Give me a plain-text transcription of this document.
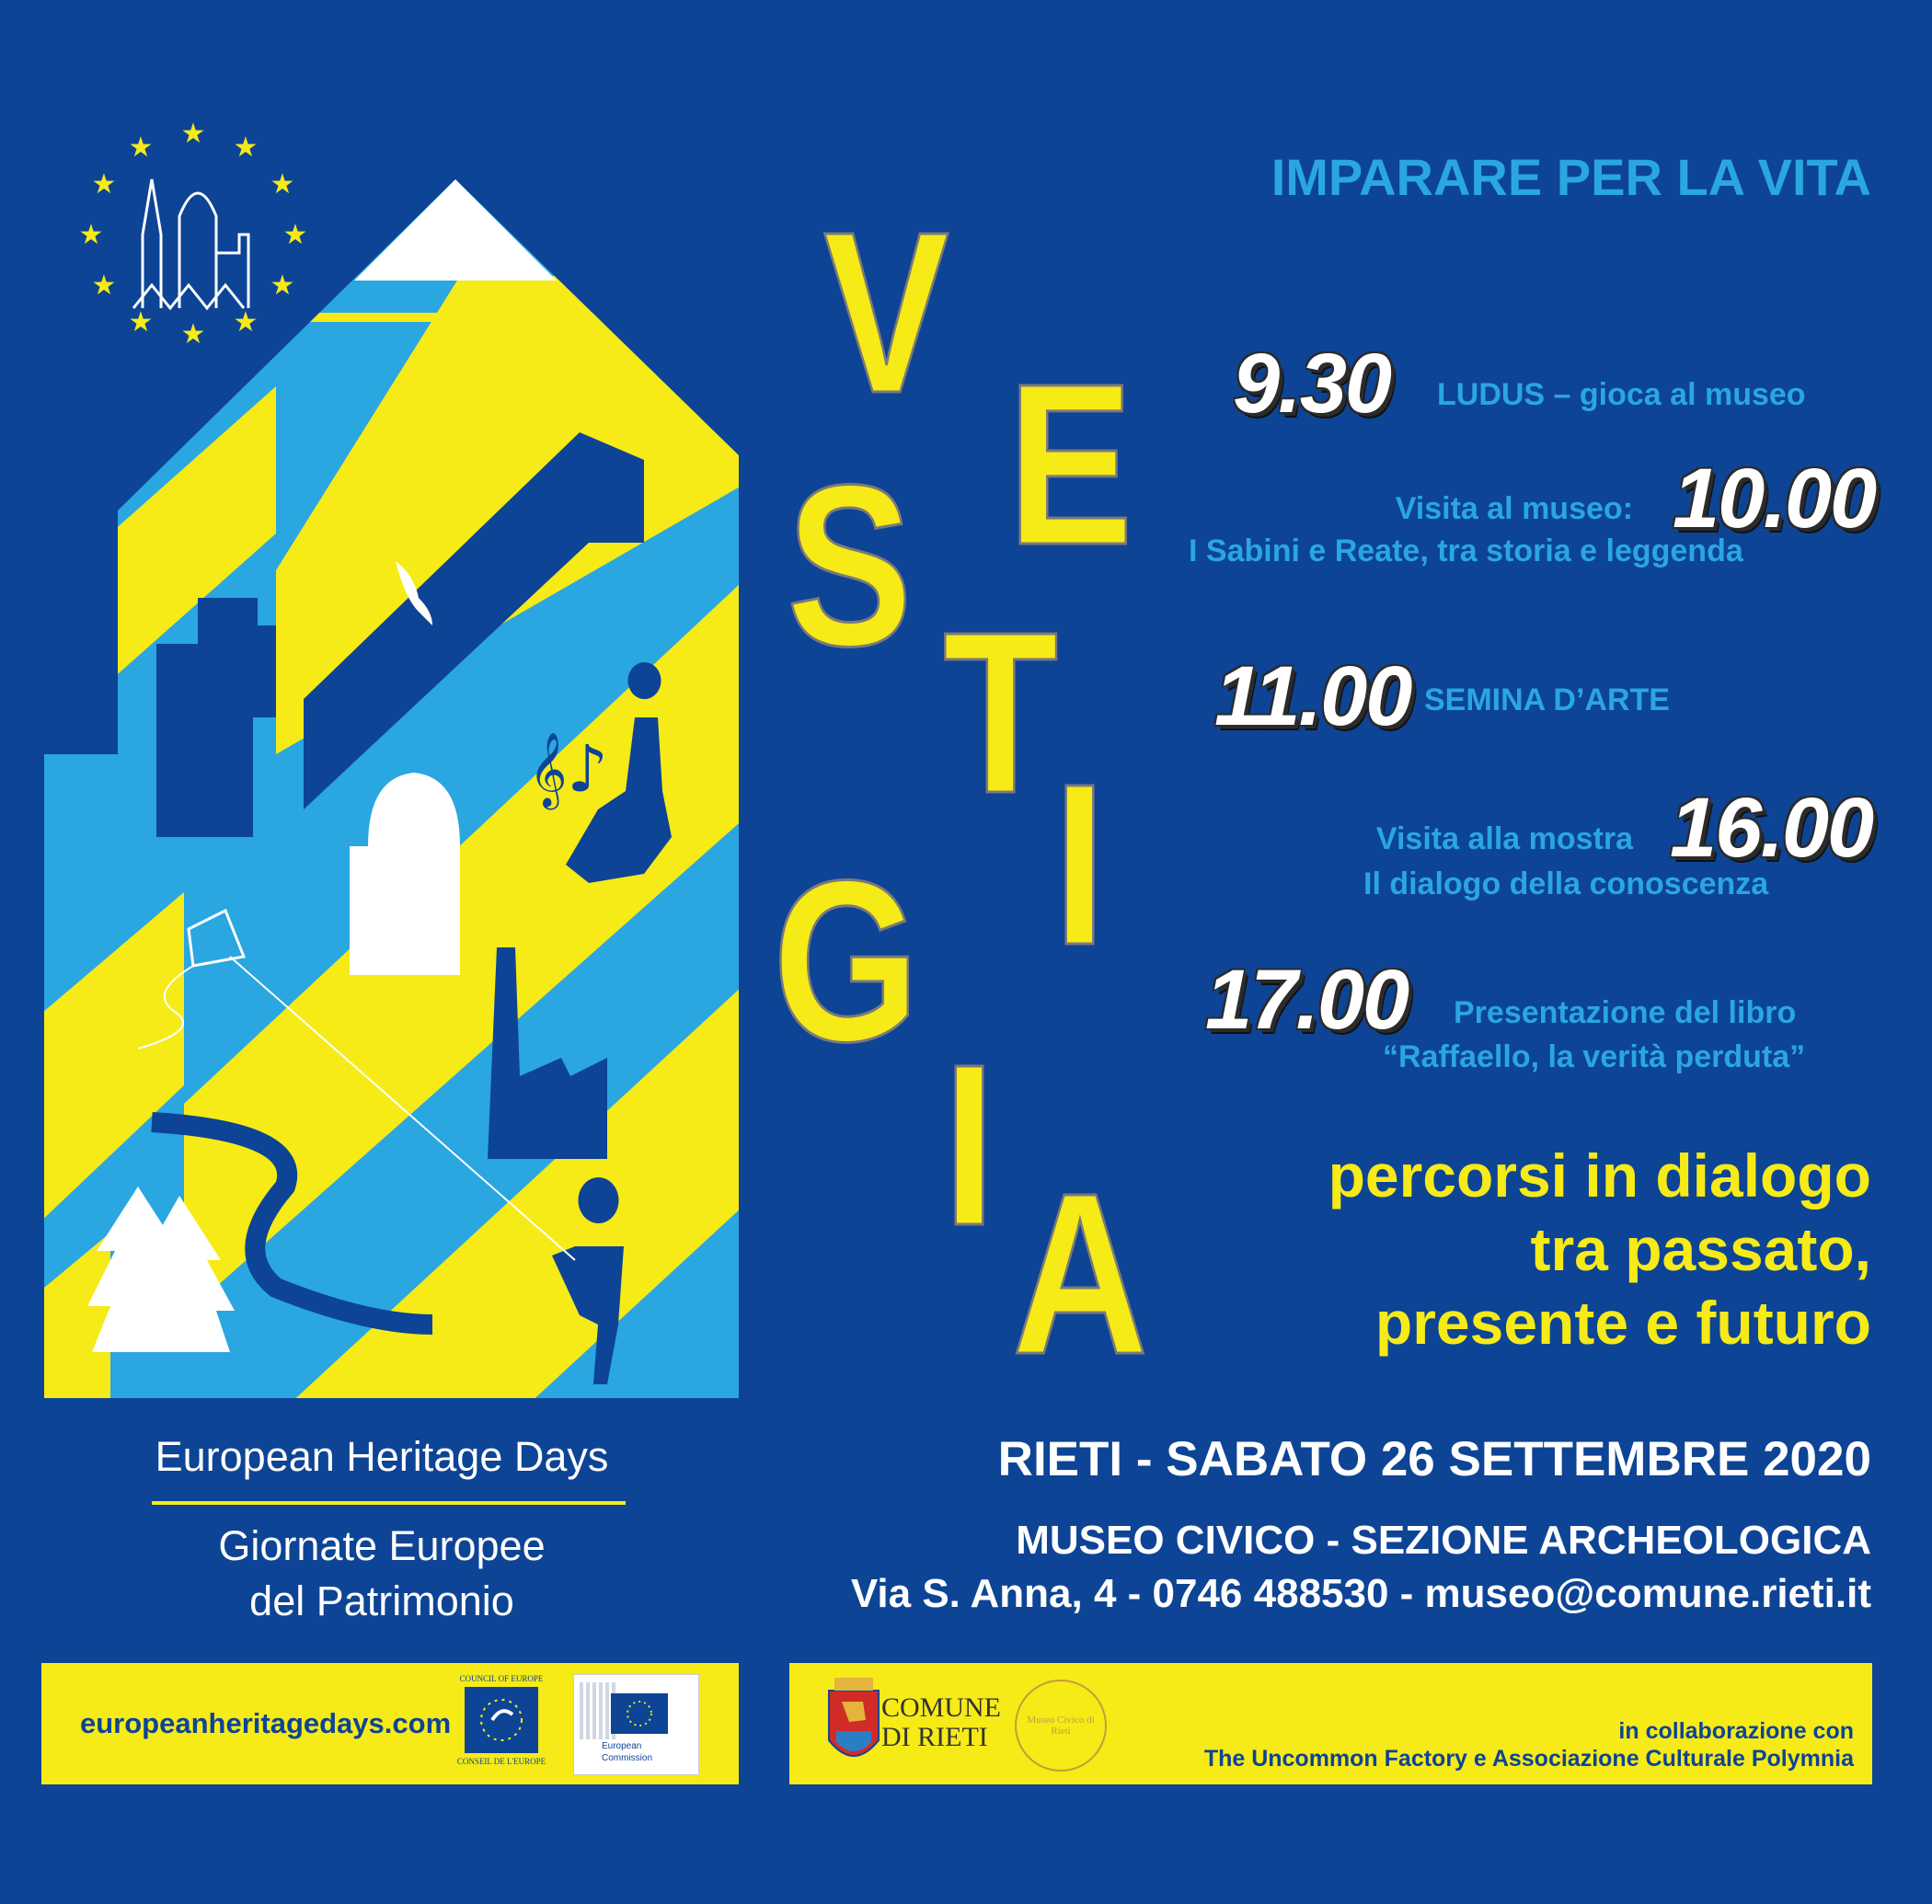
𝄞♪
★ ★
★
★
★
★
★
★
★
★
★
★
European Heritage Days
Giornate Europee
del Patrimonio
V
E
S
T
I
G
I
A
IMPARARE PER LA VITA
9.30 LUDUS – gioca al museo
Visita al museo: 10.00
I Sabini e Reate, tra storia e leggenda
11.00 SEMINA D’ARTE
Visita alla mostra 16.00
Il dialogo della conoscenza
17.00 Presentazione del libro
“Raffaello, la verità perduta”
percorsi in dialogo
tra passato,
presente e futuro
RIETI - SABATO 26 SETTEMBRE 2020
MUSEO CIVICO - SEZIONE ARCHEOLOGICA
Via S. Anna, 4 - 0746 488530 - museo@comune.rieti.it
europeanheritagedays.com
COUNCIL OF EUROPE
CONSEIL DE L'EUROPE
European
Commission
COMUNE
DI RIETI
Museo Civico di Rieti	in collaborazione con
The Uncommon Factory e Associazione Culturale Polymnia
